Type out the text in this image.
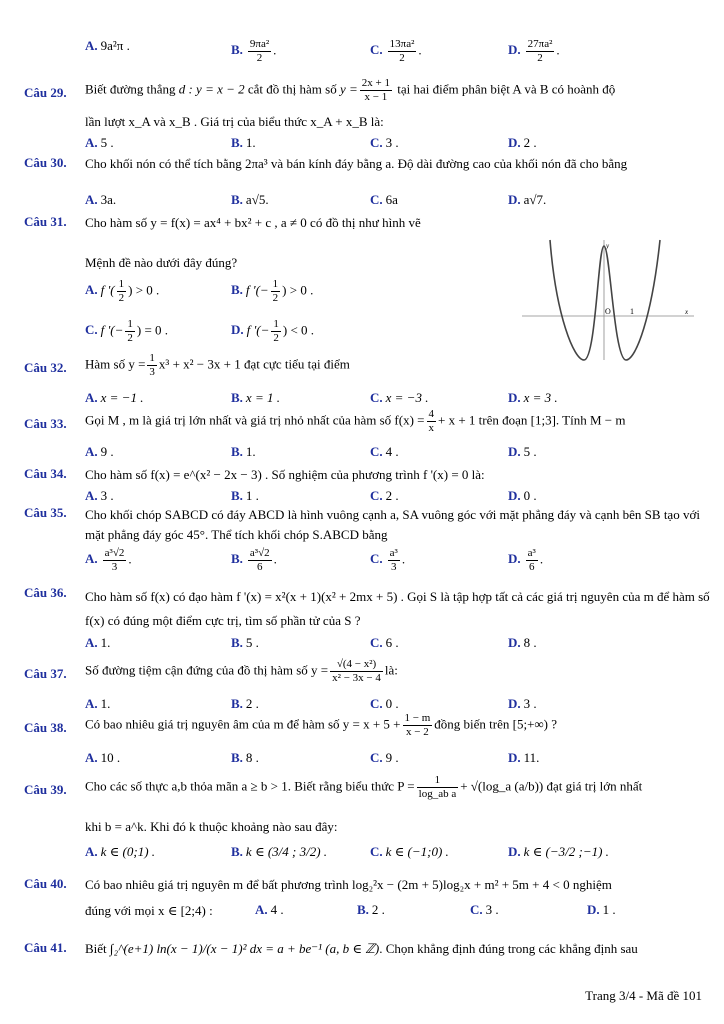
A. 9a²π .	B. $\frac{\text{9πa²}}{2}$ .	C. $\frac{\text{13πa²}}{2}$ .	D. $\frac{\text{27πa²}}{2}$ .
Câu 29. Biết đường thẳng d : y = x − 2 cắt đồ thị hàm số $y = \frac{2x + 1}{x - 1}$ tại hai điểm phân biệt A và B có hoành độ
lần lượt x_A và x_B . Giá trị của biểu thức x_A + x_B là:
A. 5 .	B. 1.	C. 3 .	D. 2 .
Câu 30. Cho khối nón có thể tích bằng 2πa³ và bán kính đáy bằng a. Độ dài đường cao của khối nón đã cho bằng
A. 3a.	B. a√5.	C. 6a	D. a√7.
Câu 31. Cho hàm số y = f(x) = ax⁴ + bx² + c , a ≠ 0 có đồ thị như hình vẽ
Mệnh đề nào dưới đây đúng?
A. f '( $\frac{1}{2}$ ) > 0 .	B. f '(− $\frac{1}{2}$ ) > 0 .
C. f '(− $\frac{1}{2}$ ) = 0 .	D. f '(− $\frac{1}{2}$ ) < 0 .
y
x
O 1
Câu 32. Hàm số $y = \frac{1}{3} x^3 + x^2 - 3x + 1$ đạt cực tiểu tại điểm
A. x = −1 .	B. x = 1 .	C. x = −3 .	D. x = 3 .
Câu 33. Gọi M , m là giá trị lớn nhất và giá trị nhỏ nhất của hàm số $f(x) = \frac{4}{x} + x + 1$ trên đoạn [1;3]. Tính M − m
A. 9 .	B. 1.	C. 4 .	D. 5 .
Câu 34. Cho hàm số f(x) = e^(x² − 2x − 3) . Số nghiệm của phương trình f '(x) = 0 là:
A. 3 .	B. 1 .	C. 2 .	D. 0 .
Câu 35. Cho khối chóp SABCD có đáy ABCD là hình vuông cạnh a, SA vuông góc với mặt phẳng đáy và cạnh bên SB tạo với mặt phẳng đáy góc 45°. Thể tích khối chóp S.ABCD bằng
A. $\frac{\text{a³√2}}{3}$ .	B. $\frac{\text{a³√2}}{6}$ .	C. $\frac{\text{a³}}{3}$ .	D. $\frac{\text{a³}}{6}$ .
Câu 36. Cho hàm số f(x) có đạo hàm f '(x) = x²(x + 1)(x² + 2mx + 5) . Gọi S là tập hợp tất cả các giá trị nguyên của m để hàm số f(x) có đúng một điểm cực trị, tìm số phần tử của S ?
A. 1.	B. 5 .	C. 6 .	D. 8 .
Câu 37. Số đường tiệm cận đứng của đồ thị hàm số $y = \frac{\text{√(4 − x²)}}{\text{x² − 3x − 4}}$ là:
A. 1.	B. 2 .	C. 0 .	D. 3 .
Câu 38. Có bao nhiêu giá trị nguyên âm của m để hàm số $y = x + 5 + \frac{1 - m}{x - 2}$ đồng biến trên [5;+∞) ?
A. 10 .	B. 8 .	C. 9 .	D. 11.
Câu 39. Cho các số thực a,b thỏa mãn a ≥ b > 1. Biết rằng biểu thức $P = \frac{1}{\text{log\_ab a}}$ + √(log_a (a/b)) đạt giá trị lớn nhất
khi b = a^k. Khi đó k thuộc khoảng nào sau đây:
A. k ∈ (0;1) .	B. k ∈ (3/4 ; 3/2) .	C. k ∈ (−1;0) .	D. k ∈ (−3/2 ;−1) .
Câu 40. Có bao nhiêu giá trị nguyên m để bất phương trình log₂²x − (2m + 5)log₂x + m² + 5m + 4 < 0 nghiệm
đúng với mọi x ∈ [2;4) :	A. 4 .	B. 2 .	C. 3 .	D. 1 .
Câu 41. Biết ∫₂^(e+1) ln(x − 1)/(x − 1)² dx = a + be⁻¹ (a, b ∈ ℤ). Chọn khẳng định đúng trong các khẳng định sau
Trang 3/4 - Mã đề 101
